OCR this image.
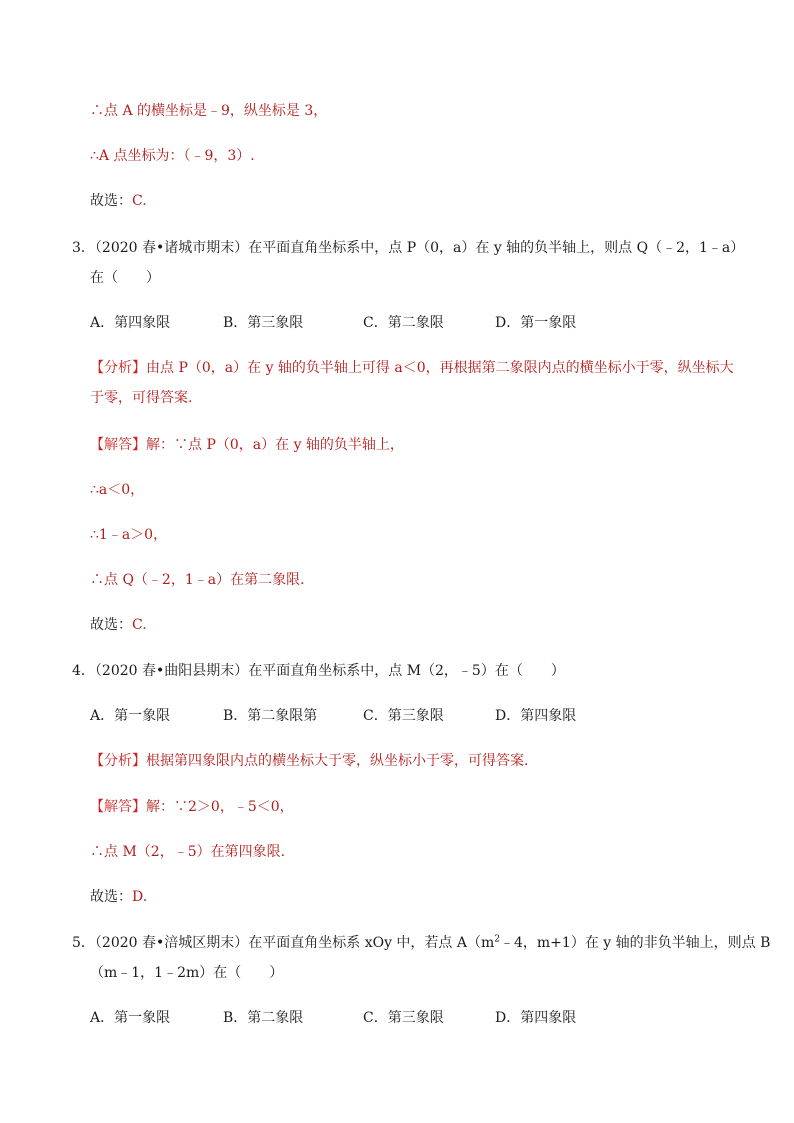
∴点 A 的横坐标是﹣9，纵坐标是 3，
∴A 点坐标为：（﹣9，3）.
故选：C.
3．（2020 春•诸城市期末）在平面直角坐标系中，点 P（0，a）在 y 轴的负半轴上，则点 Q（﹣2，1﹣a）
在（　　）
A．第四象限	B．第三象限	C．第二象限	D．第一象限
【分析】由点 P（0，a）在 y 轴的负半轴上可得 a＜0，再根据第二象限内点的横坐标小于零，纵坐标大
于零，可得答案.
【解答】解：∵点 P（0，a）在 y 轴的负半轴上，
∴a＜0，
∴1﹣a＞0，
∴点 Q（﹣2，1﹣a）在第二象限.
故选：C.
4．（2020 春•曲阳县期末）在平面直角坐标系中，点 M（2，﹣5）在（　　）
A．第一象限	B．第二象限第	C．第三象限	D．第四象限
【分析】根据第四象限内点的横坐标大于零，纵坐标小于零，可得答案.
【解答】解：∵2＞0，﹣5＜0，
∴点 M（2，﹣5）在第四象限.
故选：D.
5．（2020 春•涪城区期末）在平面直角坐标系 xOy 中，若点 $A(m^2﹣4$，m+1）在 y 轴的非负半轴上，则点 B
（m﹣1，1﹣2m）在（　　）
A．第一象限	B．第二象限	C．第三象限	D．第四象限
